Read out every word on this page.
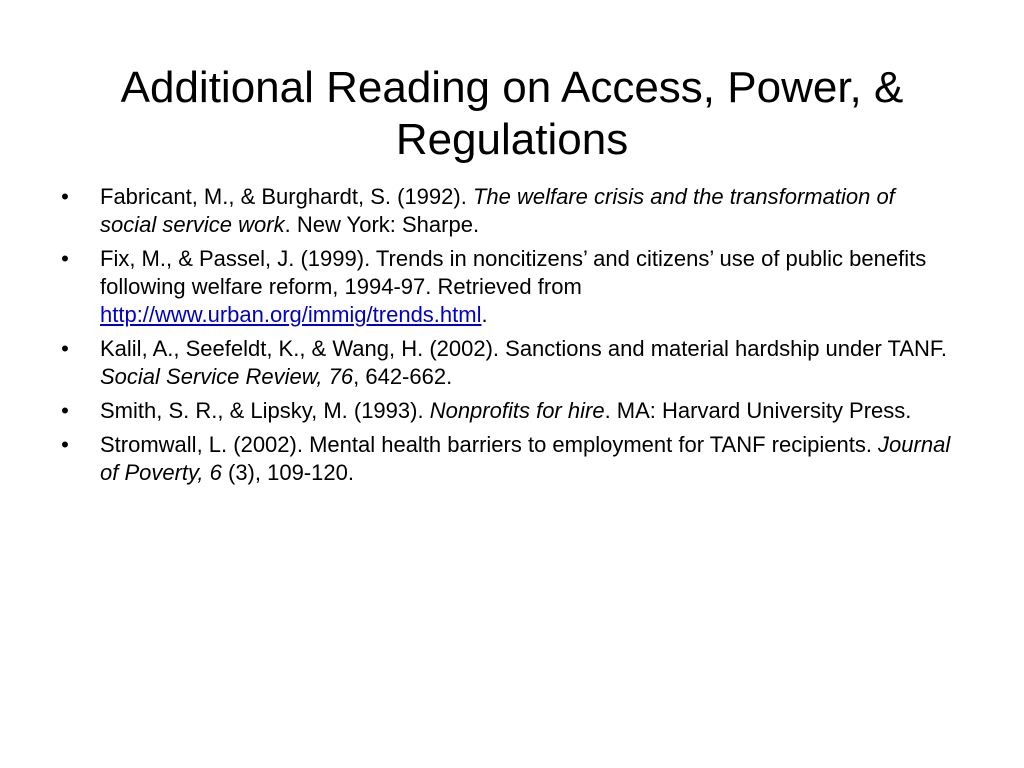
Additional Reading on Access, Power, & Regulations
• Fabricant, M., & Burghardt, S. (1992). The welfare crisis and the transformation of social service work. New York: Sharpe.
• Fix, M., & Passel, J. (1999). Trends in noncitizens’ and citizens’ use of public benefits following welfare reform, 1994-97. Retrieved from http://www.urban.org/immig/trends.html.
• Kalil, A., Seefeldt, K., & Wang, H. (2002). Sanctions and material hardship under TANF. Social Service Review, 76, 642-662.
• Smith, S. R., & Lipsky, M. (1993). Nonprofits for hire. MA: Harvard University Press.
• Stromwall, L. (2002). Mental health barriers to employment for TANF recipients. Journal of Poverty, 6 (3), 109-120.
